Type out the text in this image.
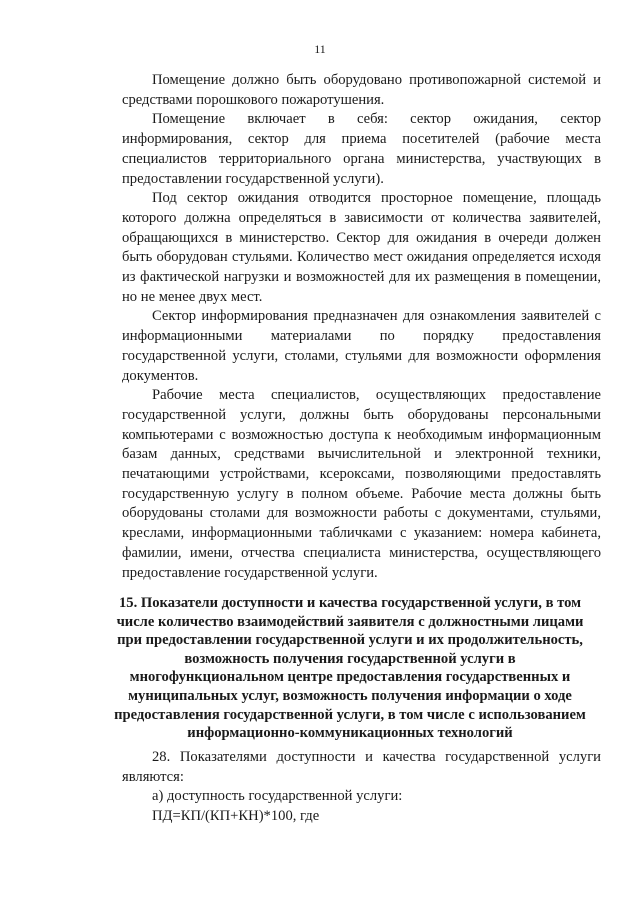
11

Помещение должно быть оборудовано противопожарной системой и средствами порошкового пожаротушения.

Помещение включает в себя: сектор ожидания, сектор информирования, сектор для приема посетителей (рабочие места специалистов территориального органа министерства, участвующих в предоставлении государственной услуги).

Под сектор ожидания отводится просторное помещение, площадь которого должна определяться в зависимости от количества заявителей, обращающихся в министерство. Сектор для ожидания в очереди должен быть оборудован стульями. Количество мест ожидания определяется исходя из фактической нагрузки и возможностей для их размещения в помещении, но не менее двух мест.

Сектор информирования предназначен для ознакомления заявителей с информационными материалами по порядку предоставления государственной услуги, столами, стульями для возможности оформления документов.

Рабочие места специалистов, осуществляющих предоставление государственной услуги, должны быть оборудованы персональными компьютерами с возможностью доступа к необходимым информационным базам данных, средствами вычислительной и электронной техники, печатающими устройствами, ксероксами, позволяющими предоставлять государственную услугу в полном объеме. Рабочие места должны быть оборудованы столами для возможности работы с документами, стульями, креслами, информационными табличками с указанием: номера кабинета, фамилии, имени, отчества специалиста министерства, осуществляющего предоставление государственной услуги.

15. Показатели доступности и качества государственной услуги, в том числе количество взаимодействий заявителя с должностными лицами при предоставлении государственной услуги и их продолжительность, возможность получения государственной услуги в многофункциональном центре предоставления государственных и муниципальных услуг, возможность получения информации о ходе предоставления государственной услуги, в том числе с использованием информационно-коммуникационных технологий

28. Показателями доступности и качества государственной услуги являются:

а) доступность государственной услуги:

ПД=КП/(КП+КН)*100, где
